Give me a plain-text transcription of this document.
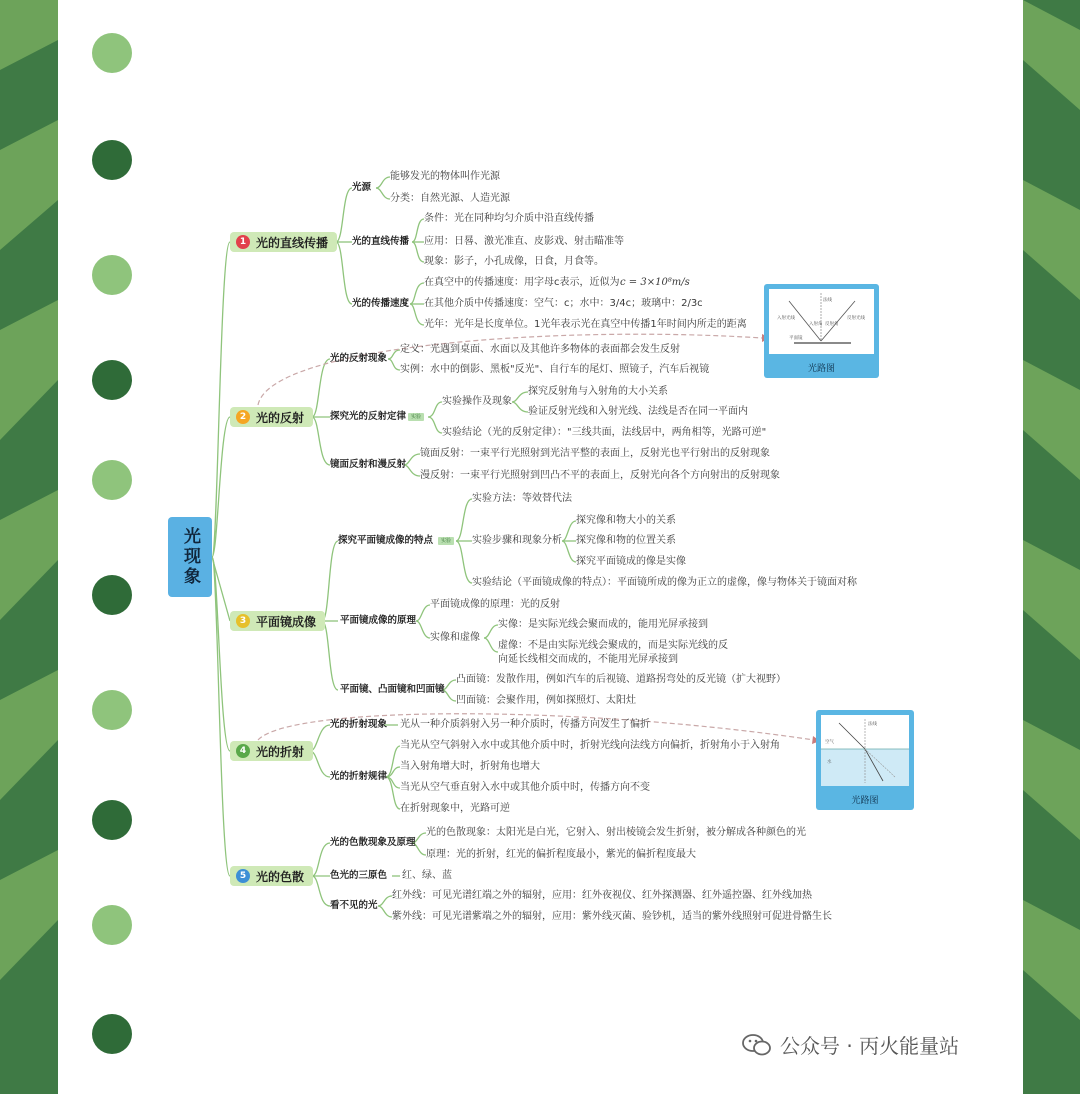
光现象
1 光的直线传播
2 光的反射
3 平面镜成像
4 光的折射
5 光的色散
光源
能够发光的物体叫作光源
分类：自然光源、人造光源
光的直线传播
条件：光在同种均匀介质中沿直线传播
应用：日晷、激光准直、皮影戏、射击瞄准等
现象：影子，小孔成像，日食，月食等。
光的传播速度
在真空中的传播速度：用字母c表示，近似为 c = 3×10⁸m/s
在其他介质中传播速度：空气：c；水中：3/4c；玻璃中：2/3c
光年：光年是长度单位。1光年表示光在真空中传播1年时间内所走的距离
光的反射现象
定义：光遇到桌面、水面以及其他许多物体的表面都会发生反射
实例：水中的倒影、黑板"反光"、自行车的尾灯、照镜子，汽车后视镜
探究光的反射定律 实验
实验操作及现象
探究反射角与入射角的大小关系
验证反射光线和入射光线、法线是否在同一平面内
实验结论（光的反射定律）："三线共面，法线居中，两角相等，光路可逆"
镜面反射和漫反射
镜面反射：一束平行光照射到光洁平整的表面上，反射光也平行射出的反射现象
漫反射：一束平行光照射到凹凸不平的表面上，反射光向各个方向射出的反射现象
法线
入射光线	反射光线
入射角 反射角
平面镜
光路图
探究平面镜成像的特点	实验
实验方法：等效替代法
实验步骤和现象分析
探究像和物大小的关系
探究像和物的位置关系
探究平面镜成的像是实像
实验结论（平面镜成像的特点）：平面镜所成的像为正立的虚像，像与物体关于镜面对称
平面镜成像的原理
平面镜成像的原理：光的反射
实像和虚像
实像：是实际光线会聚而成的，能用光屏承接到
虚像：不是由实际光线会聚成的，而是实际光线的反
向延长线相交而成的，不能用光屏承接到
平面镜、凸面镜和凹面镜
凸面镜：发散作用，例如汽车的后视镜、道路拐弯处的反光镜（扩大视野）
凹面镜：会聚作用，例如探照灯、太阳灶
光的折射现象 光从一种介质斜射入另一种介质时，传播方向发生了偏折
光的折射规律
当光从空气斜射入水中或其他介质中时，折射光线向法线方向偏折，折射角小于入射角
当入射角增大时，折射角也增大
当光从空气垂直射入水中或其他介质中时，传播方向不变
在折射现象中，光路可逆
空气
水
法线
光路图
光的色散现象及原理
光的色散现象：太阳光是白光，它射入、射出棱镜会发生折射，被分解成各种颜色的光
原理：光的折射，红光的偏折程度最小，紫光的偏折程度最大
色光的三原色 红、绿、蓝
看不见的光
红外线：可见光谱红端之外的辐射，应用：红外夜视仪、红外探测器、红外遥控器、红外线加热
紫外线：可见光谱紫端之外的辐射，应用：紫外线灭菌、验钞机，适当的紫外线照射可促进骨骼生长
公众号 · 丙火能量站
